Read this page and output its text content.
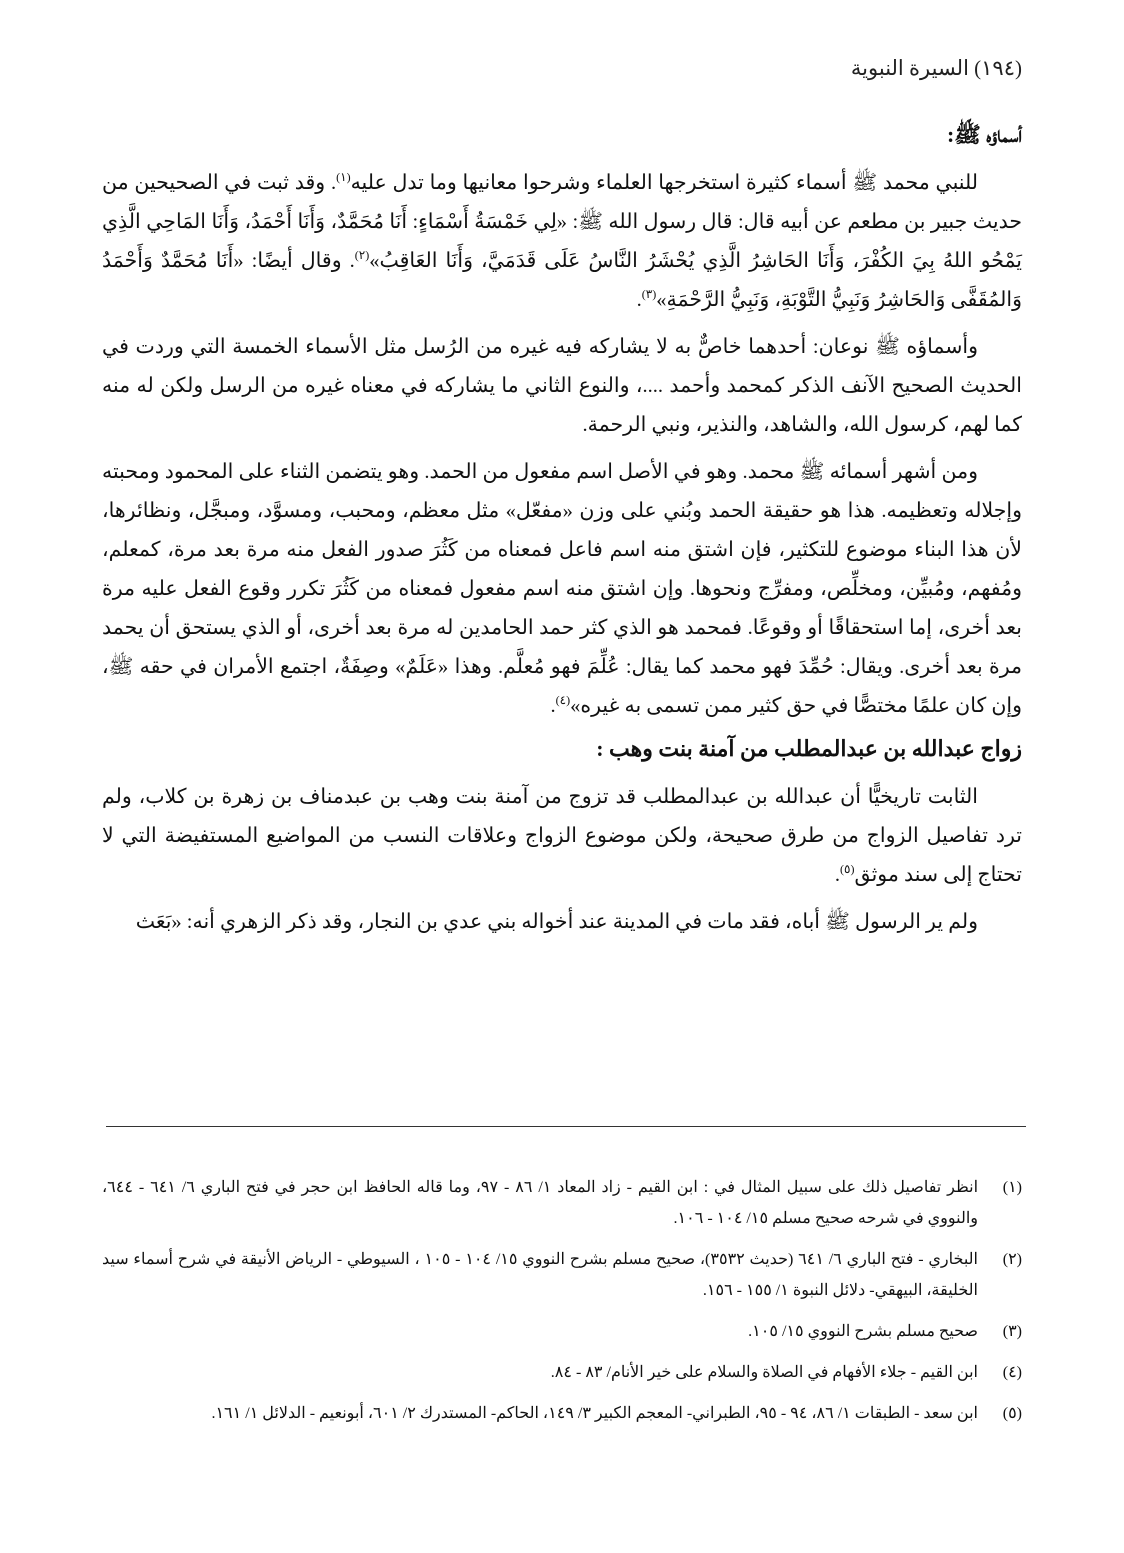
(١٩٤) السيرة النبوية
أسماؤه ﷺ:

للنبي محمد ﷺ أسماء كثيرة استخرجها العلماء وشرحوا معانيها وما تدل عليه$^{(١)}$. وقد ثبت في الصحيحين من حديث جبير بن مطعم عن أبيه قال: قال رسول الله ﷺ: «لِي خَمْسَةُ أَسْمَاءٍ: أَنَا مُحَمَّدٌ، وَأَنَا أَحْمَدُ، وَأَنَا المَاحِي الَّذِي يَمْحُو اللهُ بِيَ الكُفْرَ، وَأَنَا الحَاشِرُ الَّذِي يُحْشَرُ النَّاسُ عَلَى قَدَمَيَّ، وَأَنَا العَاقِبُ»$^{(٢)}$. وقال أيضًا: «أَنَا مُحَمَّدٌ وَأَحْمَدُ وَالمُقَفَّى وَالحَاشِرُ وَنَبِيُّ التَّوْبَةِ، وَنَبِيُّ الرَّحْمَةِ»$^{(٣)}$.

وأسماؤه ﷺ نوعان: أحدهما خاصٌّ به لا يشاركه فيه غيره من الرُسل مثل الأسماء الخمسة التي وردت في الحديث الصحيح الآنف الذكر كمحمد وأحمد ....، والنوع الثاني ما يشاركه في معناه غيره من الرسل ولكن له منه كما لهم، كرسول الله، والشاهد، والنذير، ونبي الرحمة.

ومن أشهر أسمائه ﷺ محمد. وهو في الأصل اسم مفعول من الحمد. وهو يتضمن الثناء على المحمود ومحبته وإجلاله وتعظيمه. هذا هو حقيقة الحمد وبُني على وزن «مفعّل» مثل معظم، ومحبب، ومسوَّد، ومبجَّل، ونظائرها، لأن هذا البناء موضوع للتكثير، فإن اشتق منه اسم فاعل فمعناه من كَثُرَ صدور الفعل منه مرة بعد مرة، كمعلم، ومُفهم، ومُبيِّن، ومخلِّص، ومفرِّج ونحوها. وإن اشتق منه اسم مفعول فمعناه من كَثُرَ تكرر وقوع الفعل عليه مرة بعد أخرى، إما استحقاقًا أو وقوعًا. فمحمد هو الذي كثر حمد الحامدين له مرة بعد أخرى، أو الذي يستحق أن يحمد مرة بعد أخرى. ويقال: حُمِّدَ فهو محمد كما يقال: عُلِّمَ فهو مُعلَّم. وهذا «عَلَمٌ» وصِفَةٌ، اجتمع الأمران في حقه ﷺ، وإن كان علمًا مختصًّا في حق كثير ممن تسمى به غيره»$^{(٤)}$.

زواج عبدالله بن عبدالمطلب من آمنة بنت وهب :

الثابت تاريخيًّا أن عبدالله بن عبدالمطلب قد تزوج من آمنة بنت وهب بن عبدمناف بن زهرة بن كلاب، ولم ترد تفاصيل الزواج من طرق صحيحة، ولكن موضوع الزواج وعلاقات النسب من المواضيع المستفيضة التي لا تحتاج إلى سند موثق$^{(٥)}$.

ولم ير الرسول ﷺ أباه، فقد مات في المدينة عند أخواله بني عدي بن النجار، وقد ذكر الزهري أنه: «بَعَث

(١)
انظر تفاصيل ذلك على سبيل المثال في : ابن القيم - زاد المعاد ١/ ٨٦ - ٩٧، وما قاله الحافظ ابن حجر في فتح الباري ٦/ ٦٤١ - ٦٤٤، والنووي في شرحه صحيح مسلم ١٥/ ١٠٤ - ١٠٦.
(٢)
البخاري - فتح الباري ٦/ ٦٤١ (حديث ٣٥٣٢)، صحيح مسلم بشرح النووي ١٥/ ١٠٤ - ١٠٥ ، السيوطي - الرياض الأنيقة في شرح أسماء سيد الخليقة، البيهقي- دلائل النبوة ١/ ١٥٥ - ١٥٦.
(٣)
صحيح مسلم بشرح النووي ١٥/ ١٠٥.
(٤)
ابن القيم - جلاء الأفهام في الصلاة والسلام على خير الأنام/ ٨٣ - ٨٤.
(٥)
ابن سعد - الطبقات ١/ ٨٦، ٩٤ - ٩٥، الطبراني- المعجم الكبير ٣/ ١٤٩، الحاكم- المستدرك ٢/ ٦٠١، أبونعيم - الدلائل ١/ ١٦١.
